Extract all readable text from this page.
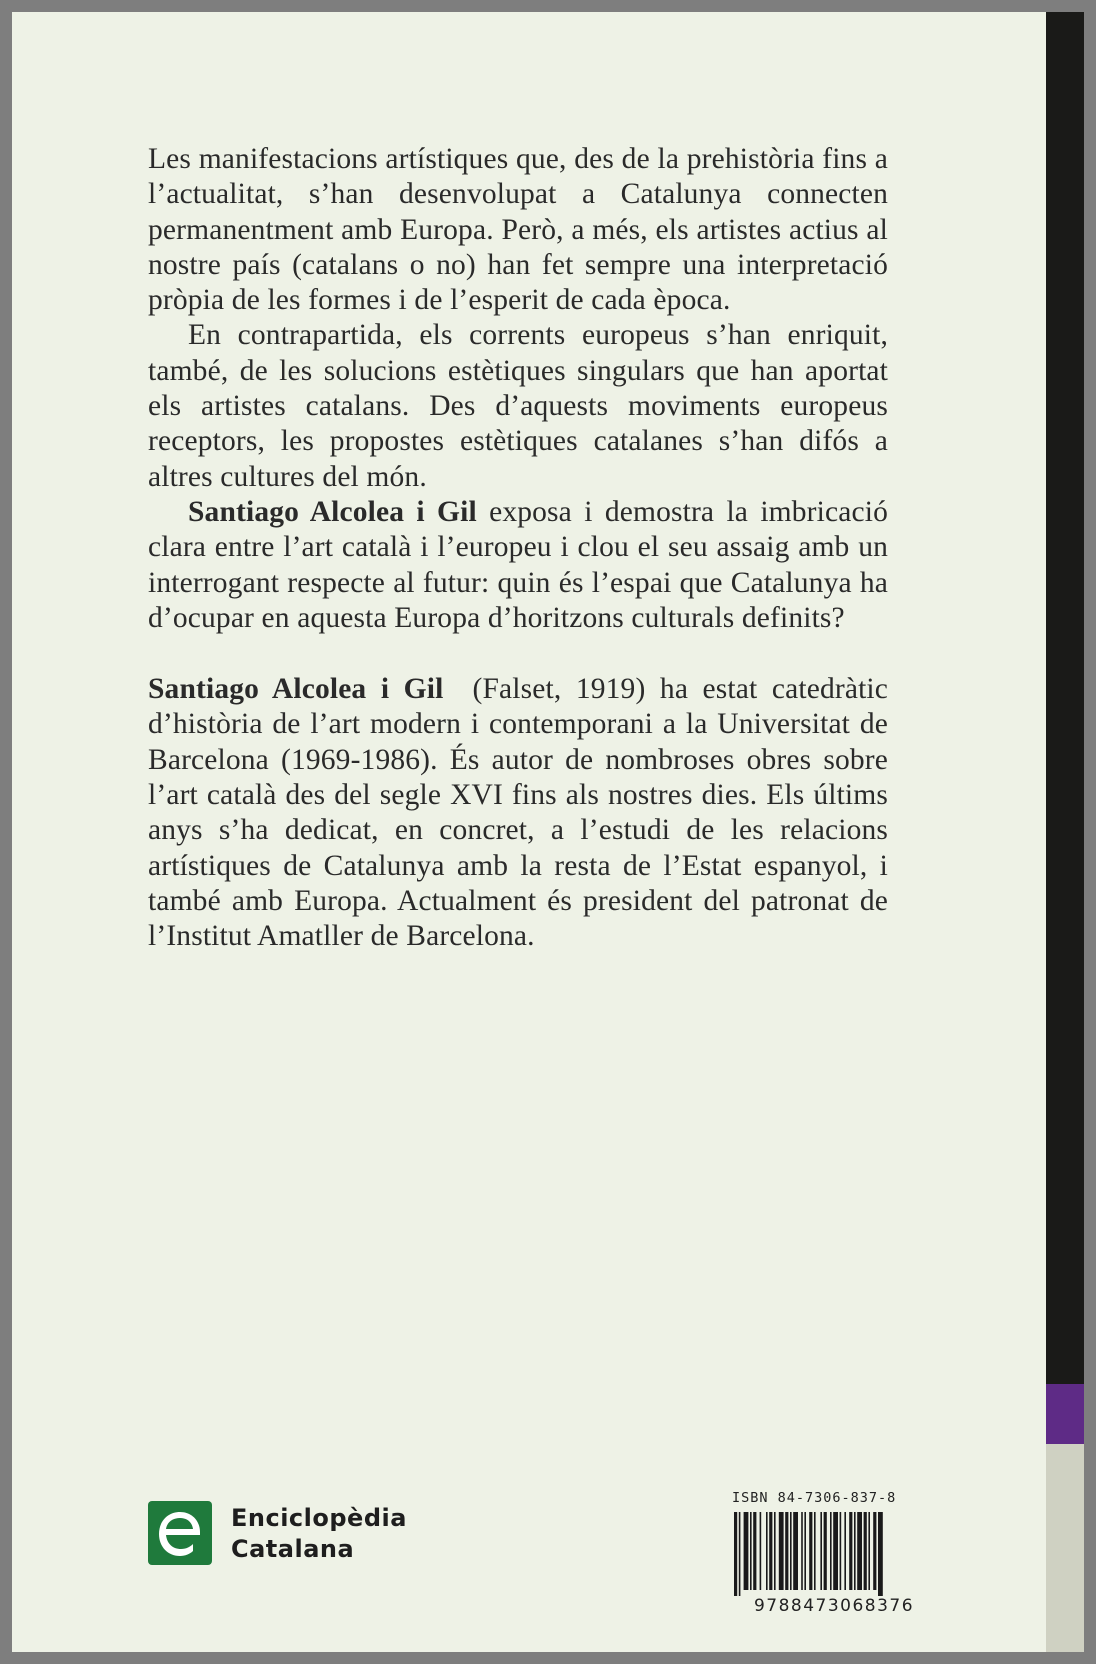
Les manifestacions artístiques que, des de la prehistòria fins a l’actualitat, s’han desenvolupat a Catalunya connecten permanentment amb Europa. Però, a més, els artistes actius al nostre país (catalans o no) han fet sempre una interpretació pròpia de les formes i de l’esperit de cada època.

En contrapartida, els corrents europeus s’han enriquit, també, de les solucions estètiques singulars que han aportat els artistes catalans. Des d’aquests moviments europeus receptors, les propostes estètiques catalanes s’han difós a altres cultures del món.

Santiago Alcolea i Gil exposa i demostra la imbricació clara entre l’art català i l’europeu i clou el seu assaig amb un interrogant respecte al futur: quin és l’espai que Catalunya ha d’ocupar en aquesta Europa d’horitzons culturals definits?

Santiago Alcolea i Gil  (Falset, 1919) ha estat catedràtic d’història de l’art modern i contemporani a la Universitat de Barcelona (1969-1986). És autor de nombroses obres sobre l’art català des del segle XVI fins als nostres dies. Els últims anys s’ha dedicat, en concret, a l’estudi de les relacions artístiques de Catalunya amb la resta de l’Estat espanyol, i també amb Europa. Actualment és president del patronat de l’Institut Amatller de Barcelona.

Enciclopèdia
Catalana
ISBN 84-7306-837-8
9788473068376
